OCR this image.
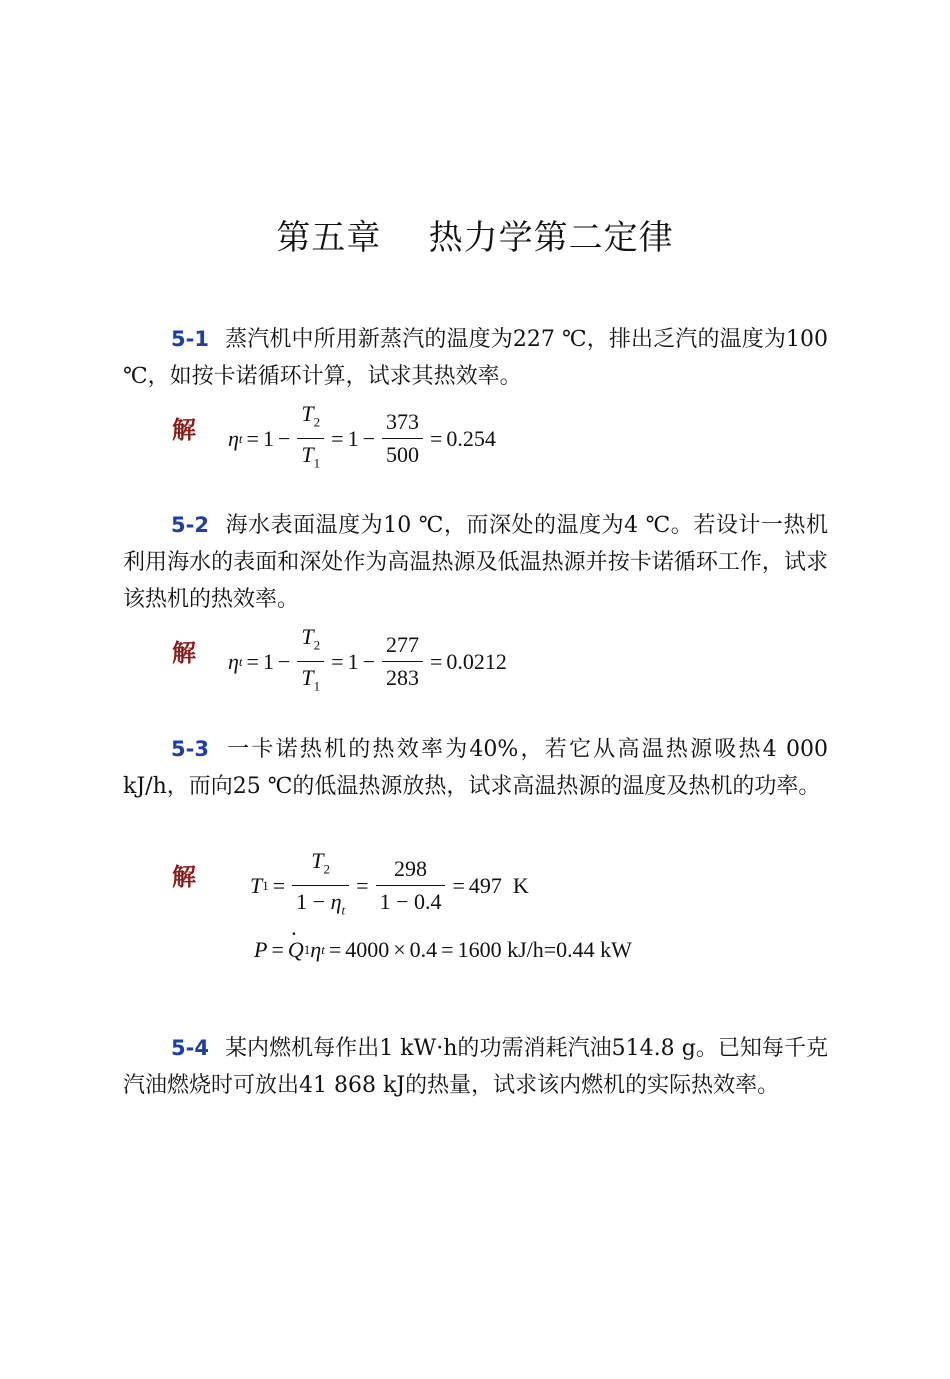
第五章    热力学第二定律
5-1 蒸汽机中所用新蒸汽的温度为227 ℃，排出乏汽的温度为100 ℃，如按卡诺循环计算，试求其热效率。
解 η $t = 1 - \frac{T_2}{T_1} = 1 - \frac{373}{500} = 0.254$
5-2 海水表面温度为10 ℃，而深处的温度为4 ℃。若设计一热机利用海水的表面和深处作为高温热源及低温热源并按卡诺循环工作，试求该热机的热效率。
解 η $t = 1 - \frac{T_2}{T_1} = 1 - \frac{277}{283} = 0.0212$
5-3 一卡诺热机的热效率为40%，若它从高温热源吸热4 000 kJ/h，而向25 ℃的低温热源放热，试求高温热源的温度及热机的功率。
解 T $1 = \frac{T_2}{1 - \eta_t} = \frac{298}{1 - 0.4} = 497$
K
P =
· Q 1 η t = 4000 × 0.4 = 1600
kJ/h=0.44 kW
5-4 某内燃机每作出1 kW·h的功需消耗汽油514.8 g。已知每千克汽油燃烧时可放出41 868 kJ的热量，试求该内燃机的实际热效率。
